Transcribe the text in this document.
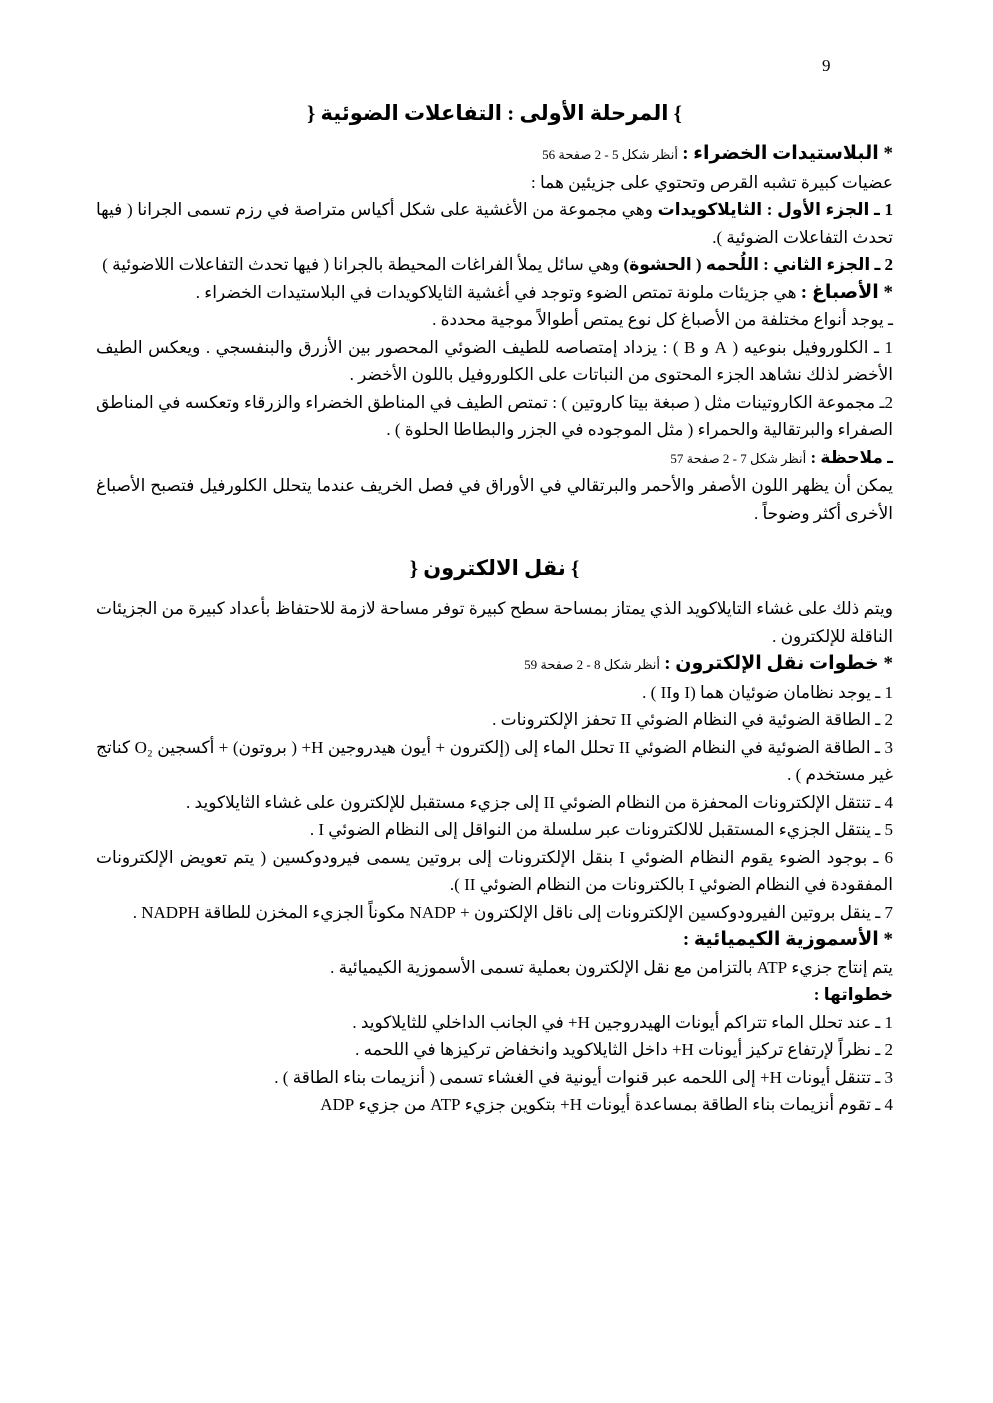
9
} المرحلة الأولى : التفاعلات الضوئية {

* البلاستيدات الخضراء : أنظر شكل 5 - 2 صفحة 56

عضيات كبيرة تشبه القرص وتحتوي على جزيئين هما :

1 ـ الجزء الأول : الثايلاكويدات وهي مجموعة من الأغشية على شكل أكياس متراصة في رزم تسمى الجرانا ( فيها تحدث التفاعلات الضوئية ).

2 ـ الجزء الثاني : اللُحمه ( الحشوة) وهي سائل يملأ الفراغات المحيطة بالجرانا ( فيها تحدث التفاعلات اللاضوئية )

* الأصباغ : هي جزيئات ملونة تمتص الضوء وتوجد في أغشية الثايلاكويدات في البلاستيدات الخضراء .

ـ يوجد أنواع مختلفة من الأصباغ كل نوع يمتص أطوالاً موجية محددة .

1 ـ الكلوروفيل بنوعيه ( A و B ) : يزداد إمتصاصه للطيف الضوئي المحصور بين الأزرق والبنفسجي . ويعكس الطيف الأخضر لذلك نشاهد الجزء المحتوى من النباتات على الكلوروفيل باللون الأخضر .

2ـ مجموعة الكاروتينات مثل ( صبغة بيتا كاروتين ) : تمتص الطيف في المناطق الخضراء والزرقاء وتعكسه في المناطق الصفراء والبرتقالية والحمراء ( مثل الموجوده في الجزر والبطاطا الحلوة ) .

ـ ملاحظة : أنظر شكل 7 - 2 صفحة 57

يمكن أن يظهر اللون الأصفر والأحمر والبرتقالي في الأوراق في فصل الخريف عندما يتحلل الكلورفيل فتصبح الأصباغ الأخرى أكثر وضوحاً .

} نقل الالكترون {

ويتم ذلك على غشاء التايلاكويد الذي يمتاز بمساحة سطح كبيرة توفر مساحة لازمة للاحتفاظ بأعداد كبيرة من الجزيئات الناقلة للإلكترون .

* خطوات نقل الإلكترون : أنظر شكل 8 - 2 صفحة 59

1 ـ يوجد نظامان ضوئيان هما (I وII ) .

2 ـ الطاقة الضوئية في النظام الضوئي II تحفز الإلكترونات .

3 ـ الطاقة الضوئية في النظام الضوئي II تحلل الماء إلى (إلكترون + أيون هيدروجين H+ ( بروتون) + أكسجين O₂ كناتج غير مستخدم ) .

4 ـ تنتقل الإلكترونات المحفزة من النظام الضوئي II إلى جزيء مستقبل للإلكترون على غشاء الثايلاكويد .

5 ـ ينتقل الجزيء المستقبل للالكترونات عبر سلسلة من النواقل إلى النظام الضوئي I .

6 ـ بوجود الضوء يقوم النظام الضوئي I بنقل الإلكترونات إلى بروتين يسمى فيرودوكسين ( يتم تعويض الإلكترونات المفقودة في النظام الضوئي I بالكترونات من النظام الضوئي II ).

7 ـ ينقل بروتين الفيرودوكسين الإلكترونات إلى ناقل الإلكترون + NADP مكوناً الجزيء المخزن للطاقة NADPH .

* الأسموزية الكيميائية :

يتم إنتاج جزيء ATP بالتزامن مع نقل الإلكترون بعملية تسمى الأسموزية الكيميائية .

خطواتها :

1 ـ عند تحلل الماء تتراكم أيونات الهيدروجين H+ في الجانب الداخلي للثايلاكويد .

2 ـ نظراً لإرتفاع تركيز أيونات H+ داخل الثايلاكويد وانخفاض تركيزها في اللحمه .

3 ـ تتنقل أيونات H+ إلى اللحمه عبر قنوات أيونية في الغشاء تسمى ( أنزيمات بناء الطاقة ) .

4 ـ تقوم أنزيمات بناء الطاقة بمساعدة أيونات H+ بتكوين جزيء ATP من جزيء ADP
